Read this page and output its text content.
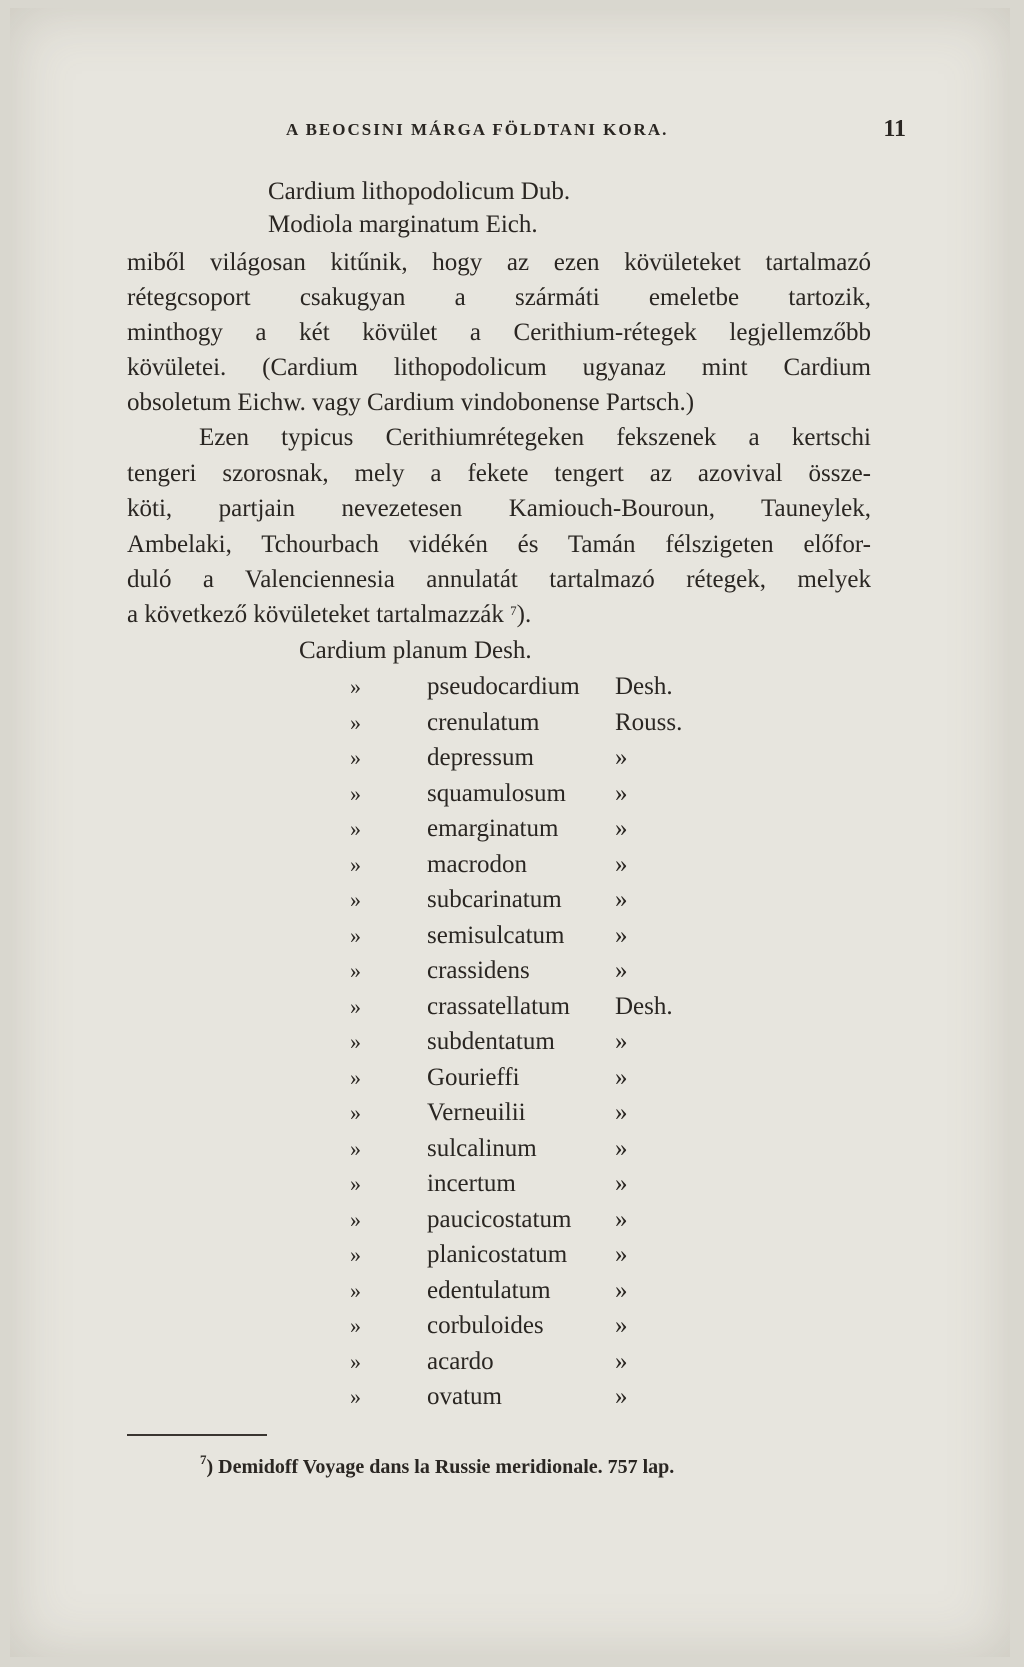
A BEOCSINI MÁRGA FÖLDTANI KORA.	11
Cardium lithopodolicum Dub.
Modiola marginatum Eich.
miből világosan kitűnik, hogy az ezen kövületeket tartalmazó
rétegcsoport csakugyan a szármáti emeletbe tartozik,
minthogy a két kövület a Cerithium-rétegek legjellemzőbb
kövületei. (Cardium lithopodolicum ugyanaz mint Cardium
obsoletum Eichw. vagy Cardium vindobonense Partsch.)
Ezen typicus Cerithiumrétegeken fekszenek a kertschi
tengeri szorosnak, mely a fekete tengert az azovival össze-
köti, partjain nevezetesen Kamiouch-Bouroun, Tauneylek,
Ambelaki, Tchourbach vidékén és Tamán félszigeten előfor-
duló a Valenciennesia annulatát tartalmazó rétegek, melyek
a következő kövületeket tartalmazzák $^7$).
Cardium planum Desh.
»	pseudocardium Desh.
»	crenulatum	Rouss.
»	depressum	»
»	squamulosum »
»	emarginatum »
»	macrodon	»
»	subcarinatum »
»	semisulcatum »
»	crassidens	»
»	crassatellatum Desh.
»	subdentatum »
»	Gourieffi	»
»	Verneuilii	»
»	sulcalinum	»
»	incertum	»
»	paucicostatum »
»	planicostatum »
»	edentulatum	»
»	corbuloides	»
»	acardo	»
»	ovatum	»
$^7$) Demidoff Voyage dans la Russie meridionale. 757 lap.
